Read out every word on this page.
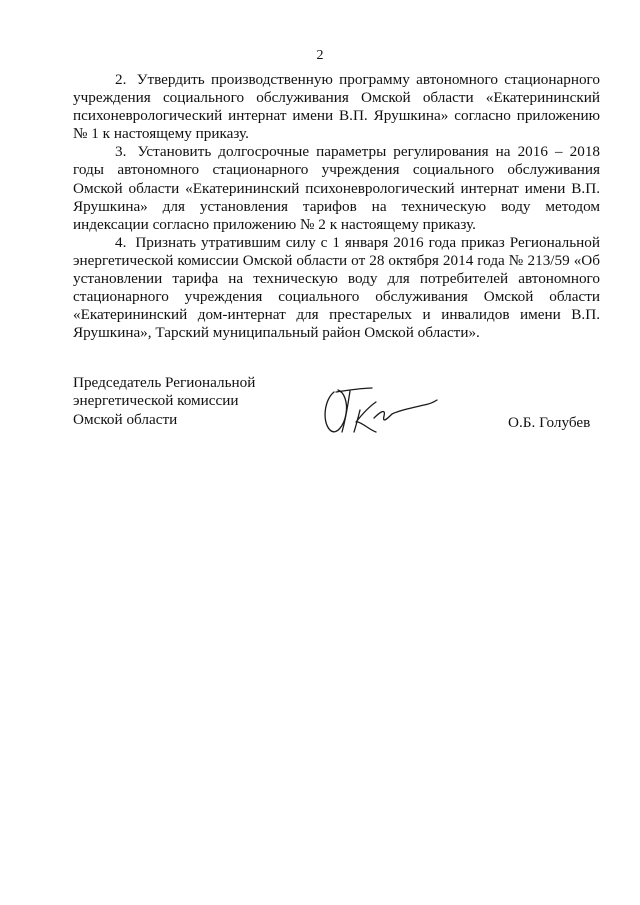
2

2. Утвердить производственную программу автономного стационарного учреждения социального обслуживания Омской области «Екатерининский психоневрологический интернат имени В.П. Ярушкина» согласно приложению № 1 к настоящему приказу.

3. Установить долгосрочные параметры регулирования на 2016 – 2018 годы автономного стационарного учреждения социального обслуживания Омской области «Екатерининский психоневрологический интернат имени В.П. Ярушкина» для установления тарифов на техническую воду методом индексации согласно приложению № 2 к настоящему приказу.

4. Признать утратившим силу с 1 января 2016 года приказ Региональной энергетической комиссии Омской области от 28 октября 2014 года № 213/59 «Об установлении тарифа на техническую воду для потребителей автономного стационарного учреждения социального обслуживания Омской области «Екатерининский дом-интернат для престарелых и инвалидов имени В.П. Ярушкина», Тарский муниципальный район Омской области».

Председатель Региональной
энергетической комиссии
Омской области	О.Б. Голубев
